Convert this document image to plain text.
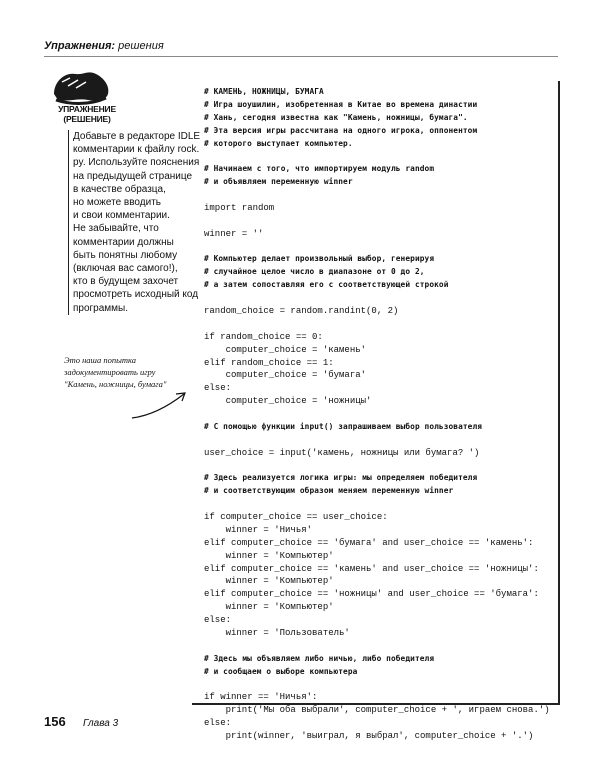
Упражнения: решения
УПРАЖНЕНИЕ
(РЕШЕНИЕ)
Добавьте в редакторе IDLE
комментарии к файлу rock.
py. Используйте пояснения
на предыдущей странице
в качестве образца,
но можете вводить
и свои комментарии.
Не забывайте, что
комментарии должны
быть понятны любому
(включая вас самого!),
кто в будущем захочет
просмотреть исходный код
программы.
Это наша попытка
задокументировать игру
"Камень, ножницы, бумага"
# КАМЕНЬ, НОЖНИЦЫ, БУМАГА
# Игра шоушилин, изобретенная в Китае во времена династии
# Хань, сегодня известна как "Камень, ножницы, бумага".
# Эта версия игры рассчитана на одного игрока, оппонентом
# которого выступает компьютер.
# Начинаем с того, что импортируем модуль random
# и объявляем переменную winner
import random
winner = ''
# Компьютер делает произвольный выбор, генерируя
# случайное целое число в диапазоне от 0 до 2,
# а затем сопоставляя его с соответствующей строкой
random_choice = random.randint(0, 2)
if random_choice == 0:
computer_choice = 'камень'
elif random_choice == 1:
computer_choice = 'бумага'
else:
computer_choice = 'ножницы'
# С помощью функции input() запрашиваем выбор пользователя
user_choice = input('камень, ножницы или бумага? ')
# Здесь реализуется логика игры: мы определяем победителя
# и соответствующим образом меняем переменную winner
if computer_choice == user_choice:
winner = 'Ничья'
elif computer_choice == 'бумага' and user_choice == 'камень':
winner = 'Компьютер'
elif computer_choice == 'камень' and user_choice == 'ножницы':
winner = 'Компьютер'
elif computer_choice == 'ножницы' and user_choice == 'бумага':
winner = 'Компьютер'
else:
winner = 'Пользователь'
# Здесь мы объявляем либо ничью, либо победителя
# и сообщаем о выборе компьютера
if winner == 'Ничья':
print('Мы оба выбрали', computer_choice + ', играем снова.')
else:
print(winner, 'выиграл, я выбрал', computer_choice + '.')
156 Глава 3
